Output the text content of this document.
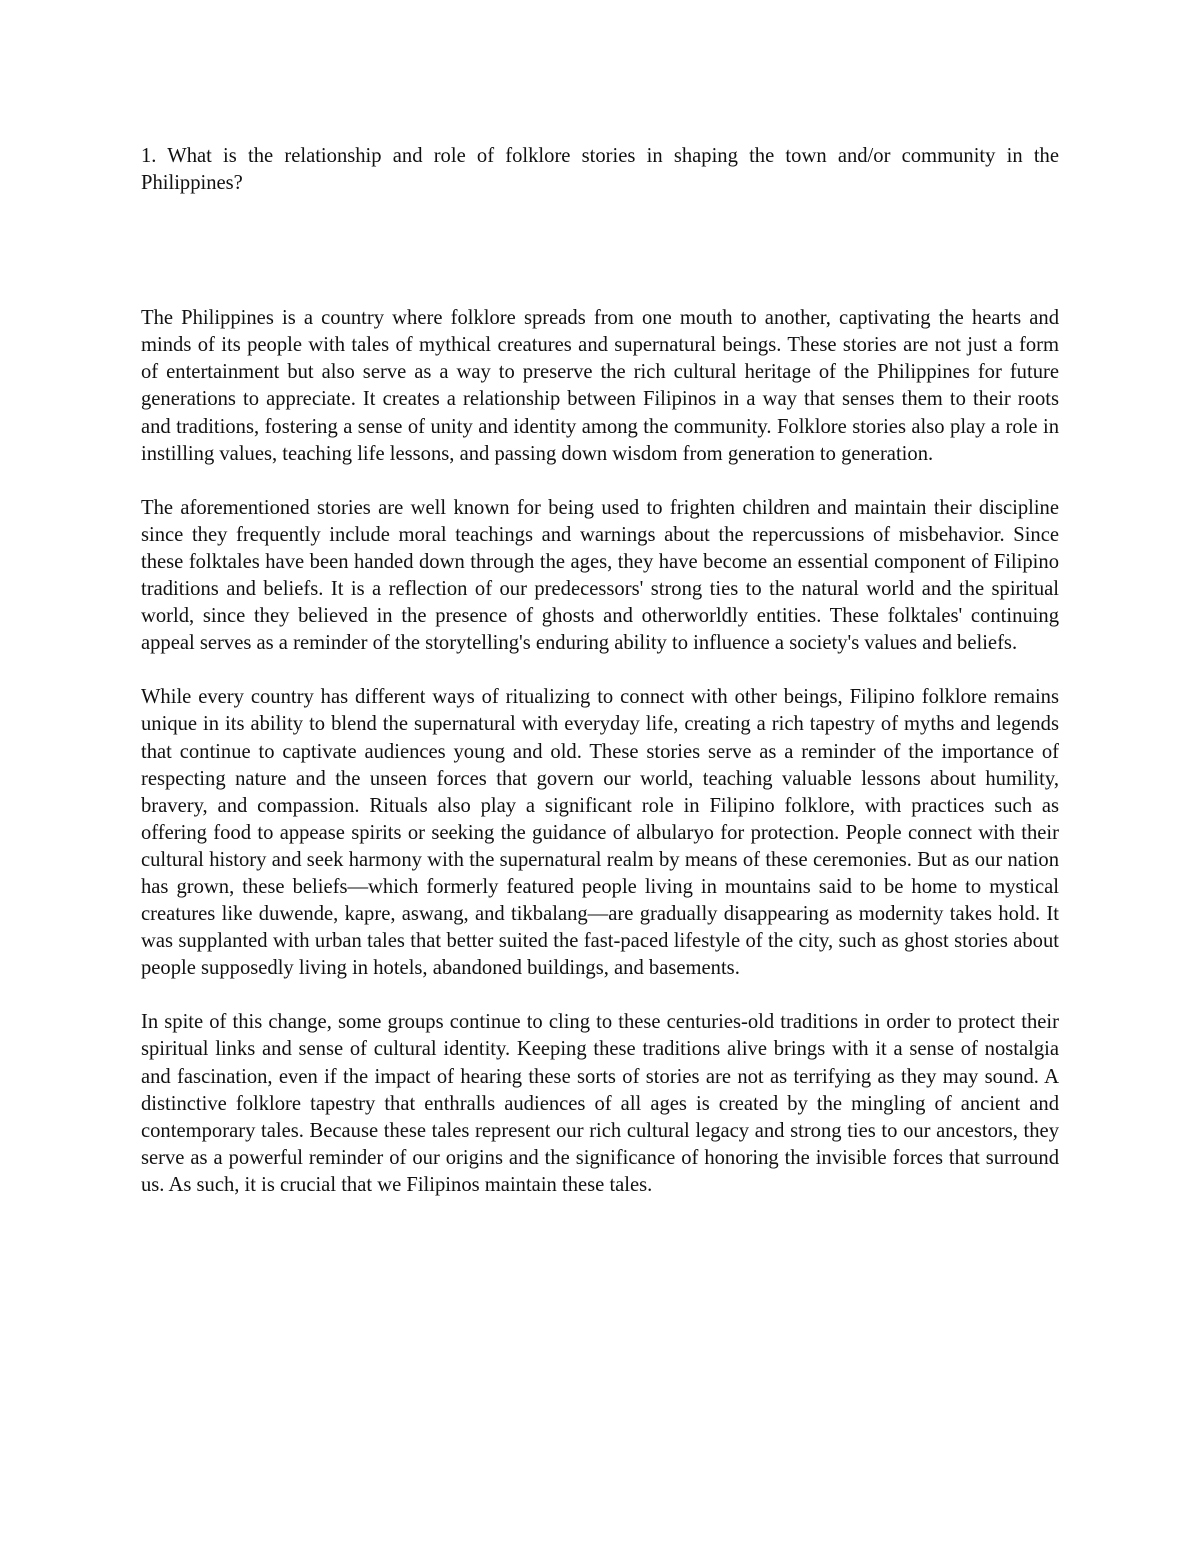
1. What is the relationship and role of folklore stories in shaping the town and/or community in the Philippines?

The Philippines is a country where folklore spreads from one mouth to another, captivating the hearts and minds of its people with tales of mythical creatures and supernatural beings. These stories are not just a form of entertainment but also serve as a way to preserve the rich cultural heritage of the Philippines for future generations to appreciate. It creates a relationship between Filipinos in a way that senses them to their roots and traditions, fostering a sense of unity and identity among the community. Folklore stories also play a role in instilling values, teaching life lessons, and passing down wisdom from generation to generation.

The aforementioned stories are well known for being used to frighten children and maintain their discipline since they frequently include moral teachings and warnings about the repercussions of misbehavior. Since these folktales have been handed down through the ages, they have become an essential component of Filipino traditions and beliefs. It is a reflection of our predecessors' strong ties to the natural world and the spiritual world, since they believed in the presence of ghosts and otherworldly entities. These folktales' continuing appeal serves as a reminder of the storytelling's enduring ability to influence a society's values and beliefs.

While every country has different ways of ritualizing to connect with other beings, Filipino folklore remains unique in its ability to blend the supernatural with everyday life, creating a rich tapestry of myths and legends that continue to captivate audiences young and old. These stories serve as a reminder of the importance of respecting nature and the unseen forces that govern our world, teaching valuable lessons about humility, bravery, and compassion. Rituals also play a significant role in Filipino folklore, with practices such as offering food to appease spirits or seeking the guidance of albularyo for protection. People connect with their cultural history and seek harmony with the supernatural realm by means of these ceremonies. But as our nation has grown, these beliefs—which formerly featured people living in mountains said to be home to mystical creatures like duwende, kapre, aswang, and tikbalang—are gradually disappearing as modernity takes hold. It was supplanted with urban tales that better suited the fast-paced lifestyle of the city, such as ghost stories about people supposedly living in hotels, abandoned buildings, and basements.

In spite of this change, some groups continue to cling to these centuries-old traditions in order to protect their spiritual links and sense of cultural identity. Keeping these traditions alive brings with it a sense of nostalgia and fascination, even if the impact of hearing these sorts of stories are not as terrifying as they may sound. A distinctive folklore tapestry that enthralls audiences of all ages is created by the mingling of ancient and contemporary tales. Because these tales represent our rich cultural legacy and strong ties to our ancestors, they serve as a powerful reminder of our origins and the significance of honoring the invisible forces that surround us. As such, it is crucial that we Filipinos maintain these tales.
